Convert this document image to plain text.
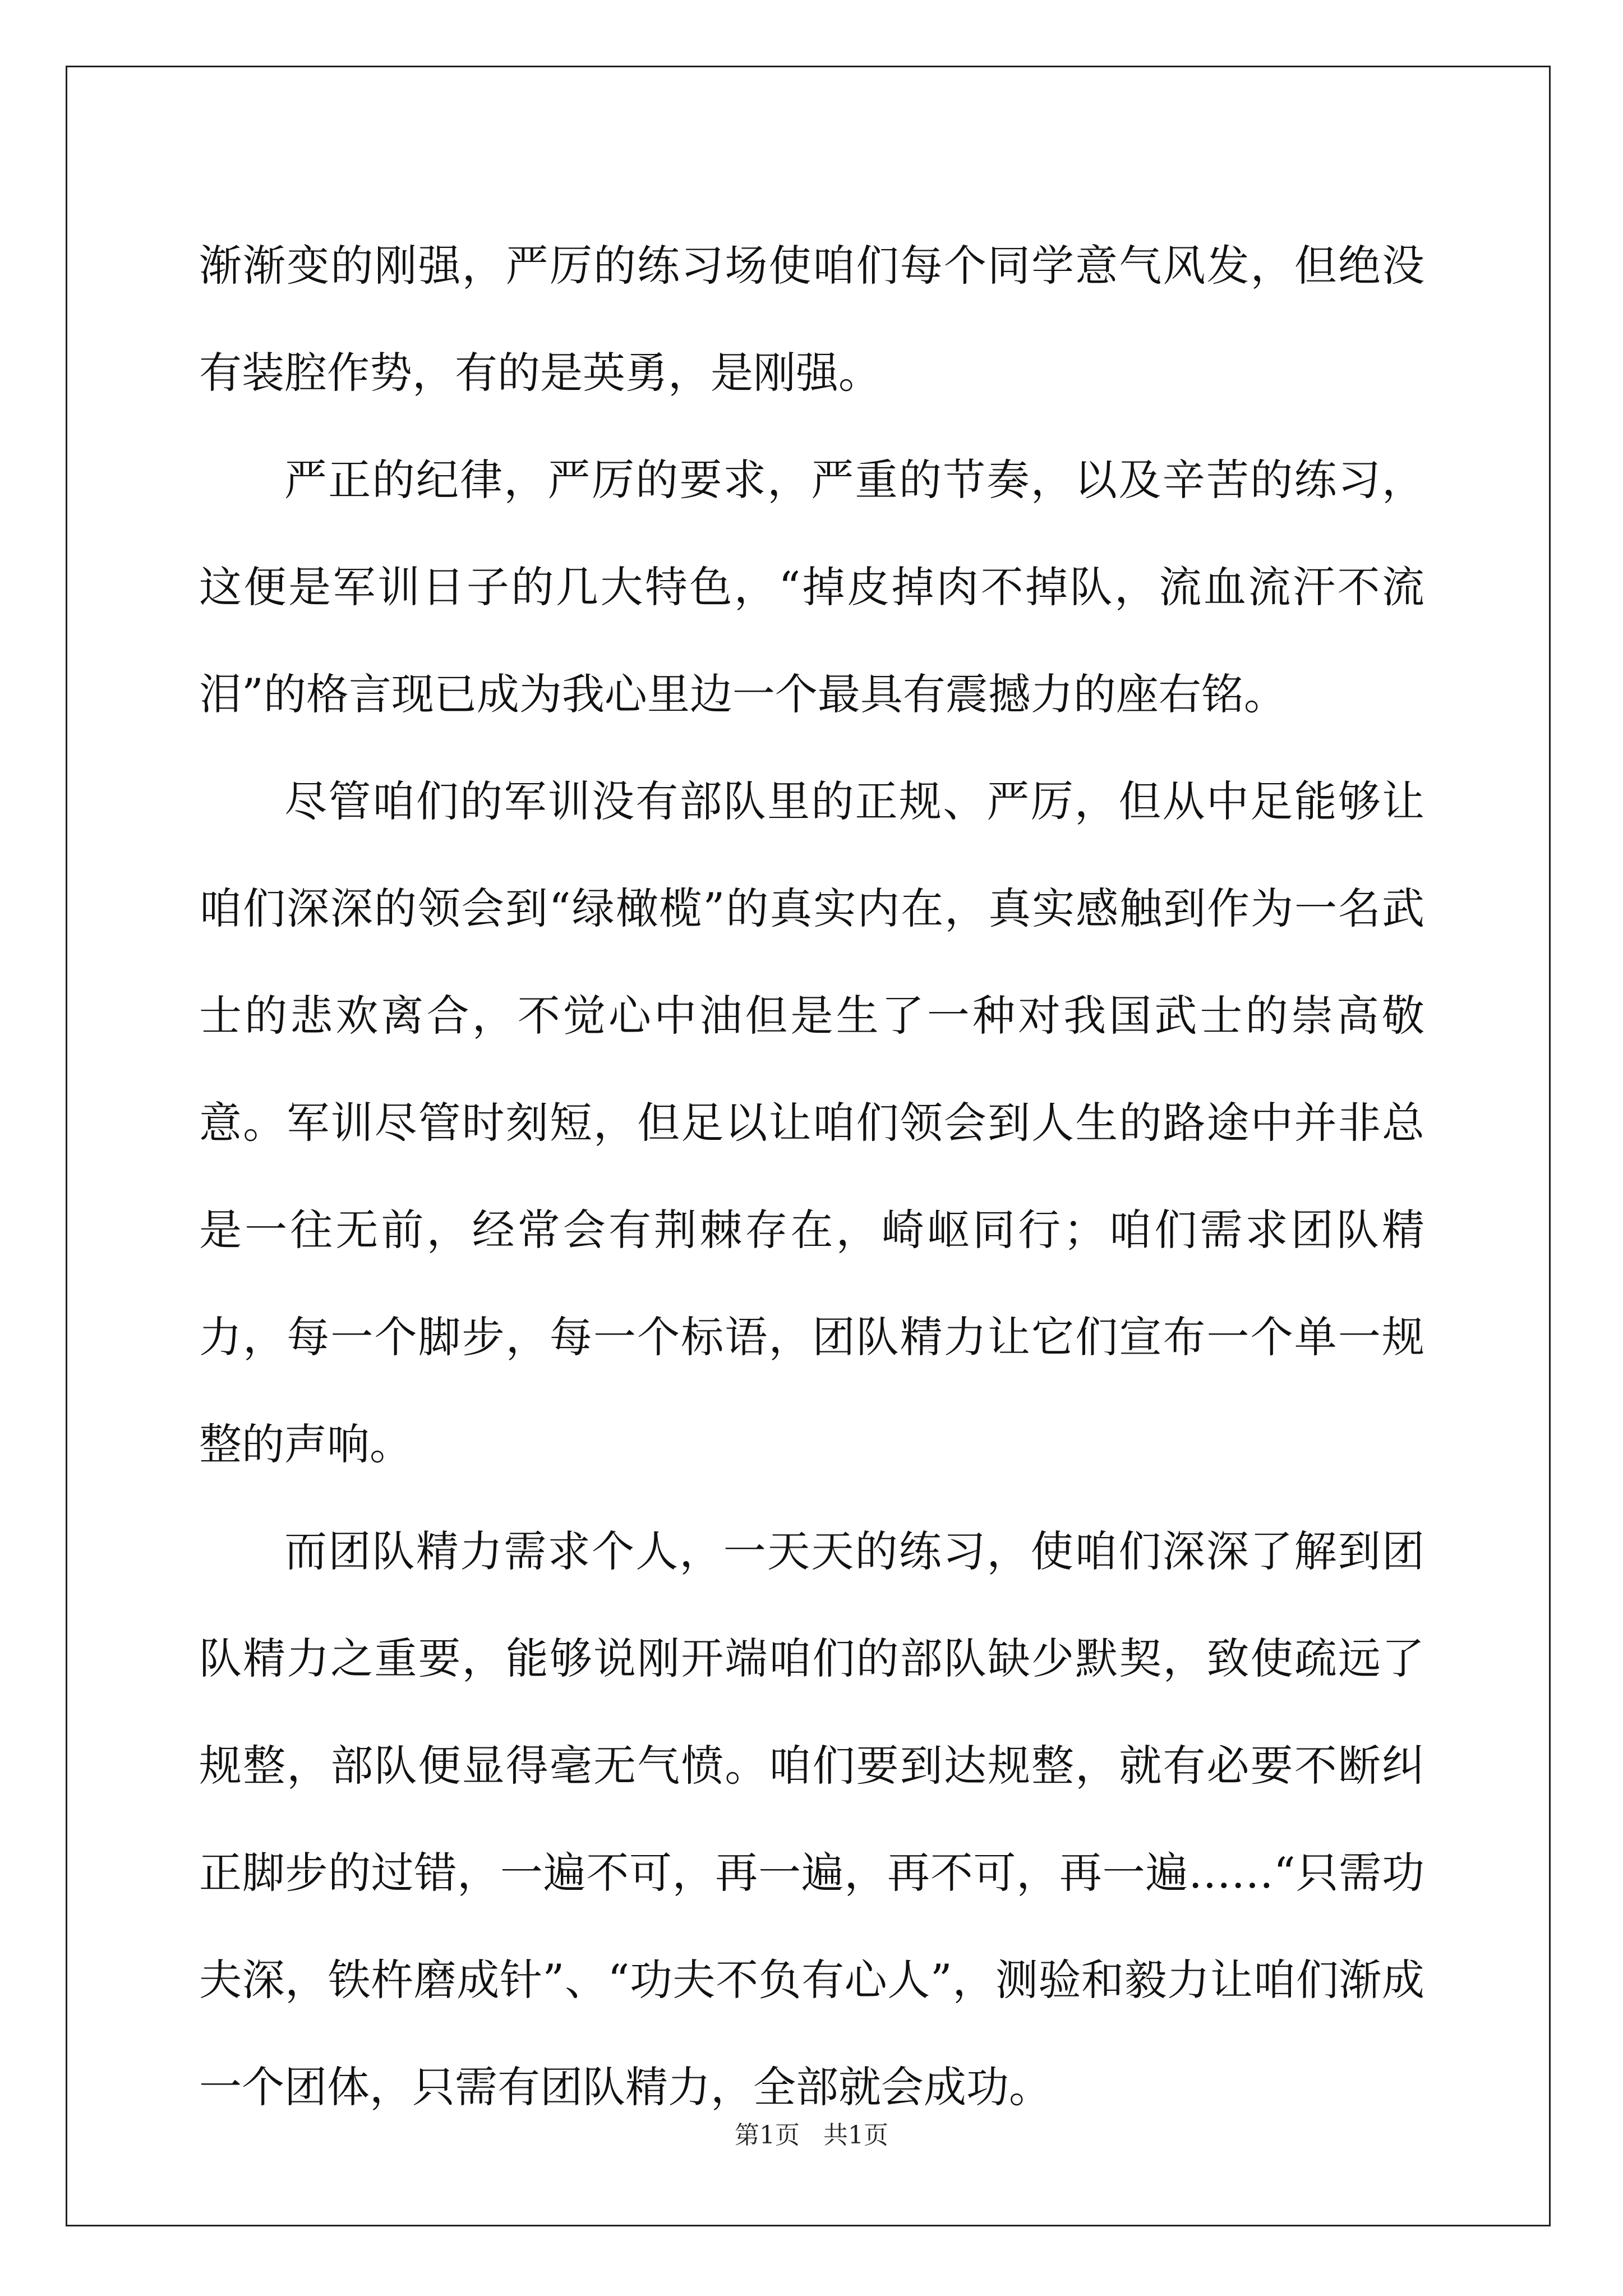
渐渐变的刚强，严厉的练习场使咱们每个同学意气风发，但绝没有装腔作势，有的是英勇，是刚强。

严正的纪律，严厉的要求，严重的节奏，以及辛苦的练习，这便是军训日子的几大特色，“掉皮掉肉不掉队，流血流汗不流泪”的格言现已成为我心里边一个最具有震撼力的座右铭。

尽管咱们的军训没有部队里的正规、严厉，但从中足能够让咱们深深的领会到“绿橄榄”的真实内在，真实感触到作为一名武士的悲欢离合，不觉心中油但是生了一种对我国武士的崇高敬意。军训尽管时刻短，但足以让咱们领会到人生的路途中并非总是一往无前，经常会有荆棘存在，崎岖同行；咱们需求团队精力，每一个脚步，每一个标语，团队精力让它们宣布一个单一规整的声响。

而团队精力需求个人，一天天的练习，使咱们深深了解到团队精力之重要，能够说刚开端咱们的部队缺少默契，致使疏远了规整，部队便显得毫无气愤。咱们要到达规整，就有必要不断纠正脚步的过错，一遍不可，再一遍，再不可，再一遍……“只需功夫深，铁杵磨成针”、“功夫不负有心人”，测验和毅力让咱们渐成一个团体，只需有团队精力，全部就会成功。

第1页   共1页
